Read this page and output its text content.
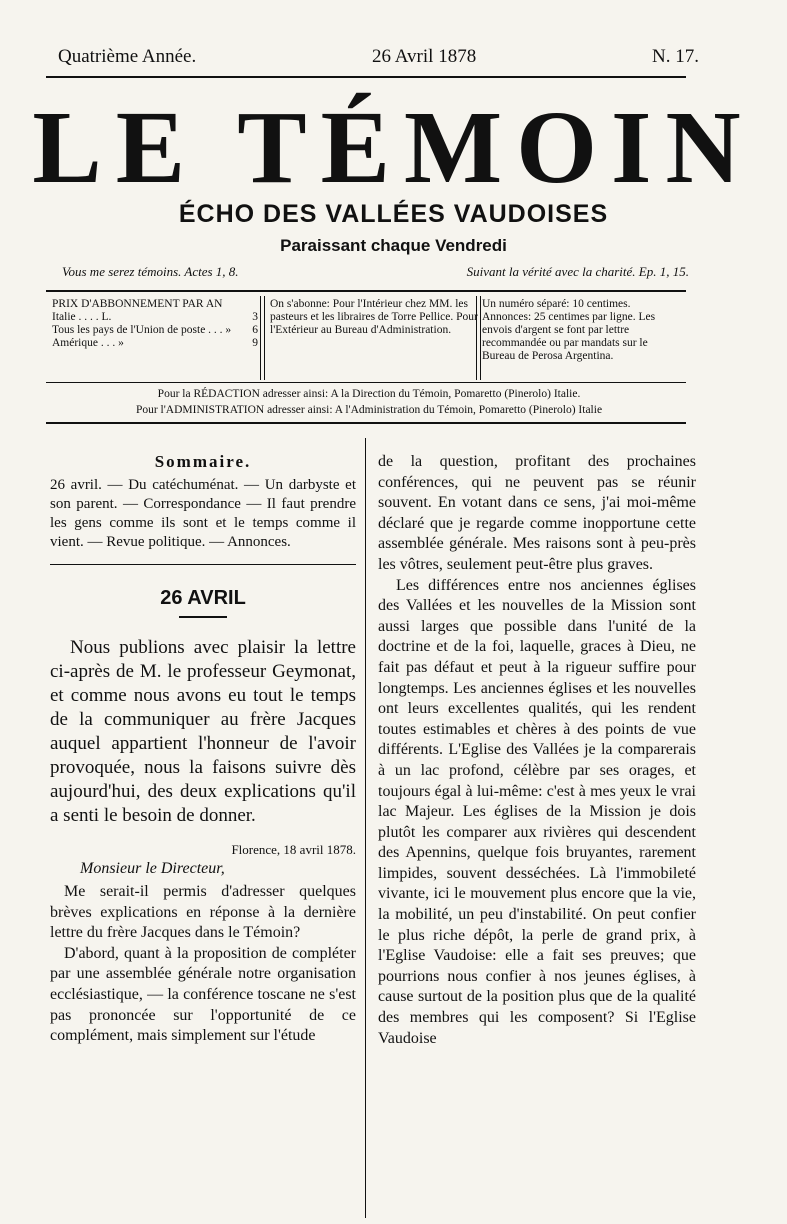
Quatrième Année.	26 Avril 1878	N. 17.
LE TÉMOIN
ÉCHO DES VALLÉES VAUDOISES
Paraissant chaque Vendredi
Vous me serez témoins. Actes 1, 8.	Suivant la vérité avec la charité. Ep. 1, 15.
PRIX D'ABBONNEMENT PAR AN
Italie . . . . L.	3
Tous les pays de l'Union de poste . . . » 6
Amérique . . . »	9
On s'abonne: Pour l'Intérieur chez MM. les pasteurs et les libraires de Torre Pellice. Pour l'Extérieur au Bureau d'Administration.
Un numéro séparé: 10 centimes. Annonces: 25 centimes par ligne. Les envois d'argent se font par lettre recommandée ou par mandats sur le Bureau de Perosa Argentina.
Pour la RÉDACTION adresser ainsi: A la Direction du Témoin, Pomaretto (Pinerolo) Italie.
Pour l'ADMINISTRATION adresser ainsi: A l'Administration du Témoin, Pomaretto (Pinerolo) Italie
Sommaire.
26 avril. — Du catéchuménat. — Un darbyste et son parent. — Correspondance — Il faut prendre les gens comme ils sont et le temps comme il vient. — Revue politique. — Annonces.
26 AVRIL

Nous publions avec plaisir la lettre ci-après de M. le professeur Geymonat, et comme nous avons eu tout le temps de la communiquer au frère Jacques auquel appartient l'honneur de l'avoir provoquée, nous la faisons suivre dès aujourd'hui, des deux explications qu'il a senti le besoin de donner.

Florence, 18 avril 1878.
Monsieur le Directeur,

Me serait-il permis d'adresser quelques brèves explications en réponse à la dernière lettre du frère Jacques dans le Témoin?

D'abord, quant à la proposition de compléter par une assemblée générale notre organisation ecclésiastique, — la conférence toscane ne s'est pas prononcée sur l'opportunité de ce complément, mais simplement sur l'étude

de la question, profitant des prochaines conférences, qui ne peuvent pas se réunir souvent. En votant dans ce sens, j'ai moi-même déclaré que je regarde comme inopportune cette assemblée générale. Mes raisons sont à peu-près les vôtres, seulement peut-être plus graves.

Les différences entre nos anciennes églises des Vallées et les nouvelles de la Mission sont aussi larges que possible dans l'unité de la doctrine et de la foi, laquelle, graces à Dieu, ne fait pas défaut et peut à la rigueur suffire pour longtemps. Les anciennes églises et les nouvelles ont leurs excellentes qualités, qui les rendent toutes estimables et chères à des points de vue différents. L'Eglise des Vallées je la comparerais à un lac profond, célèbre par ses orages, et toujours égal à lui-même: c'est à mes yeux le vrai lac Majeur. Les églises de la Mission je dois plutôt les comparer aux rivières qui descendent des Apennins, quelque fois bruyantes, rarement limpides, souvent desséchées. Là l'immobileté vivante, ici le mouvement plus encore que la vie, la mobilité, un peu d'instabilité. On peut confier le plus riche dépôt, la perle de grand prix, à l'Eglise Vaudoise: elle a fait ses preuves; que pourrions nous confier à nos jeunes églises, à cause surtout de la position plus que de la qualité des membres qui les composent? Si l'Eglise Vaudoise
